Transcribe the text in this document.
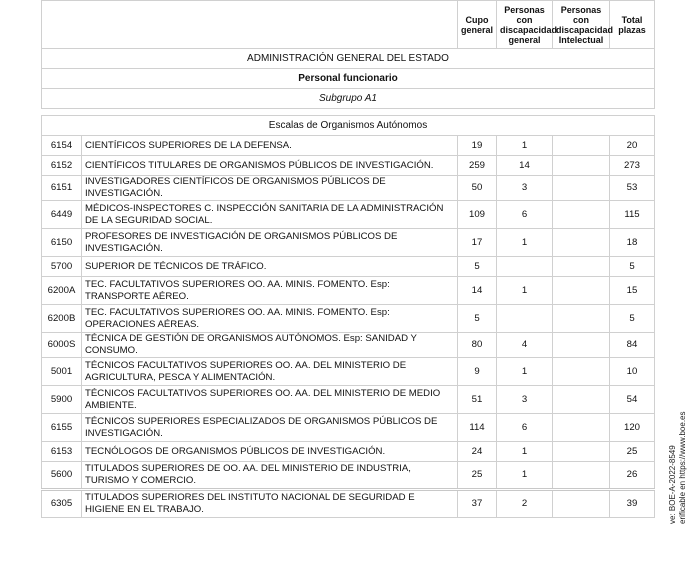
		Cupo general	Personas con discapacidad general	Personas con discapacidad Intelectual	Total plazas
ADMINISTRACIÓN GENERAL DEL ESTADO					
Personal funcionario					
Subgrupo A1					

Escalas de Organismos Autónomos					
6154	CIENTÍFICOS SUPERIORES DE LA DEFENSA.	19	1		20
6152	CIENTÍFICOS TITULARES DE ORGANISMOS PÚBLICOS DE INVESTIGACIÓN.	259	14		273
6151	INVESTIGADORES CIENTÍFICOS DE ORGANISMOS PÚBLICOS DE INVESTIGACIÓN.	50	3		53
6449	MÉDICOS-INSPECTORES C. INSPECCIÓN SANITARIA DE LA ADMINISTRACIÓN DE LA SEGURIDAD SOCIAL.	109	6		115
6150	PROFESORES DE INVESTIGACIÓN DE ORGANISMOS PÚBLICOS DE INVESTIGACIÓN.	17	1		18
5700	SUPERIOR DE TÉCNICOS DE TRÁFICO.	5			5
6200A	TEC. FACULTATIVOS SUPERIORES OO. AA. MINIS. FOMENTO. Esp: TRANSPORTE AÉREO.	14	1		15
6200B	TEC. FACULTATIVOS SUPERIORES OO. AA. MINIS. FOMENTO. Esp: OPERACIONES AÉREAS.	5			5
6000S	TÉCNICA DE GESTIÓN DE ORGANISMOS AUTÓNOMOS. Esp: SANIDAD Y CONSUMO.	80	4		84
5001	TÉCNICOS FACULTATIVOS SUPERIORES OO. AA. DEL MINISTERIO DE AGRICULTURA, PESCA Y ALIMENTACIÓN.	9	1		10
5900	TÉCNICOS FACULTATIVOS SUPERIORES OO. AA. DEL MINISTERIO DE MEDIO AMBIENTE.	51	3		54
6155	TÉCNICOS SUPERIORES ESPECIALIZADOS DE ORGANISMOS PÚBLICOS DE INVESTIGACIÓN.	114	6		120
6153	TECNÓLOGOS DE ORGANISMOS PÚBLICOS DE INVESTIGACIÓN.	24	1		25
5600	TITULADOS SUPERIORES DE OO. AA. DEL MINISTERIO DE INDUSTRIA, TURISMO Y COMERCIO.	25	1		26
6305	TITULADOS SUPERIORES DEL INSTITUTO NACIONAL DE SEGURIDAD E HIGIENE EN EL TRABAJO.	37	2		39	ve: BOE-A-2022-8549 erificable en https://www.boe.es
